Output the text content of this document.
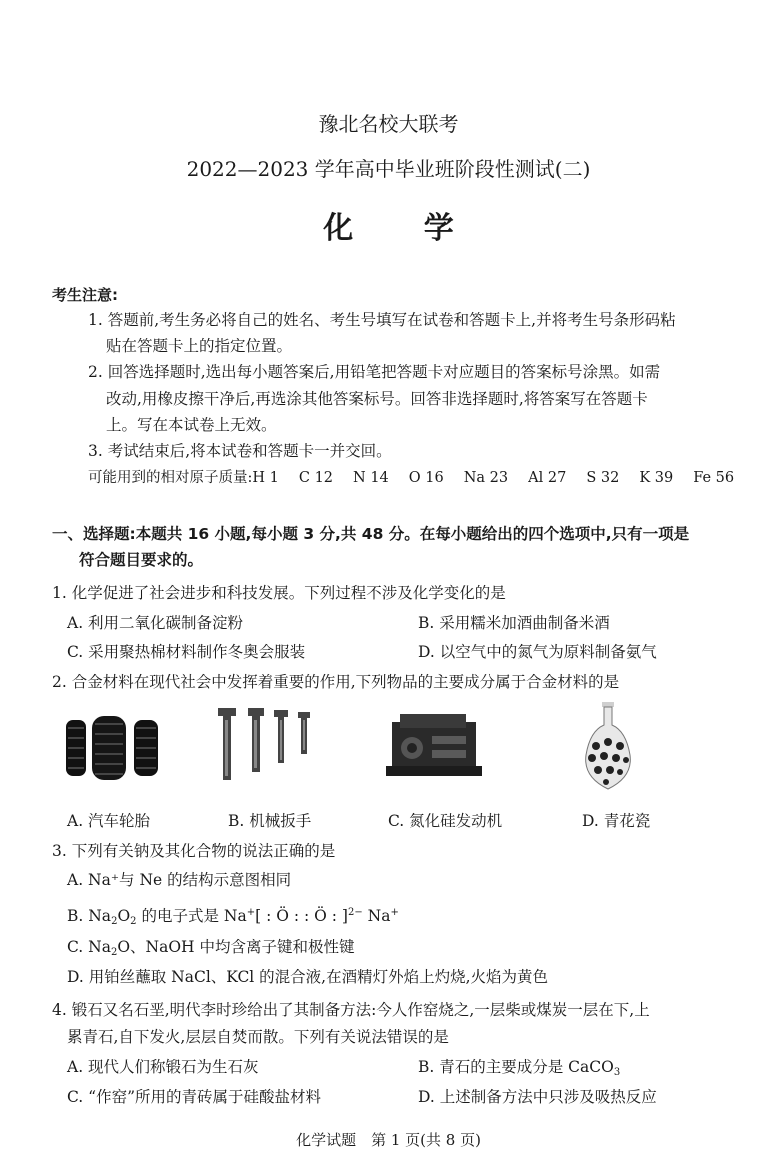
豫北名校大联考
2022—2023 学年高中毕业班阶段性测试(二)
化 学
考生注意:
1. 答题前,考生务必将自己的姓名、考生号填写在试卷和答题卡上,并将考生号条形码粘
贴在答题卡上的指定位置。
2. 回答选择题时,选出每小题答案后,用铅笔把答题卡对应题目的答案标号涂黑。如需
改动,用橡皮擦干净后,再选涂其他答案标号。回答非选择题时,将答案写在答题卡
上。写在本试卷上无效。
3. 考试结束后,将本试卷和答题卡一并交回。
可能用到的相对原子质量:H 1 C 12 N 14 O 16 Na 23 Al 27 S 32 K 39 Fe 56
一、选择题:本题共 16 小题,每小题 3 分,共 48 分。在每小题给出的四个选项中,只有一项是
符合题目要求的。
1. 化学促进了社会进步和科技发展。下列过程不涉及化学变化的是
A. 利用二氧化碳制备淀粉	B. 采用糯米加酒曲制备米酒
C. 采用聚热棉材料制作冬奥会服装	D. 以空气中的氮气为原料制备氨气
2. 合金材料在现代社会中发挥着重要的作用,下列物品的主要成分属于合金材料的是
A. 汽车轮胎	B. 机械扳手	C. 氮化硅发动机	D. 青花瓷
3. 下列有关钠及其化合物的说法正确的是
A. Na⁺与 Ne 的结构示意图相同
B. $Na_2O_2$ 的电子式是 Na+[ : Ö : : Ö : ]$^{2-}$ Na+
C. $Na_2O$、NaOH 中均含离子键和极性键
D. 用铂丝蘸取 NaCl、KCl 的混合液,在酒精灯外焰上灼烧,火焰为黄色
4. 锻石又名石垩,明代李时珍给出了其制备方法:今人作窑烧之,一层柴或煤炭一层在下,上
累青石,自下发火,层层自焚而散。下列有关说法错误的是
A. 现代人们称锻石为生石灰	B. 青石的主要成分是 CaCO$_3$
C. “作窑”所用的青砖属于硅酸盐材料	D. 上述制备方法中只涉及吸热反应
化学试题　第 1 页(共 8 页)
